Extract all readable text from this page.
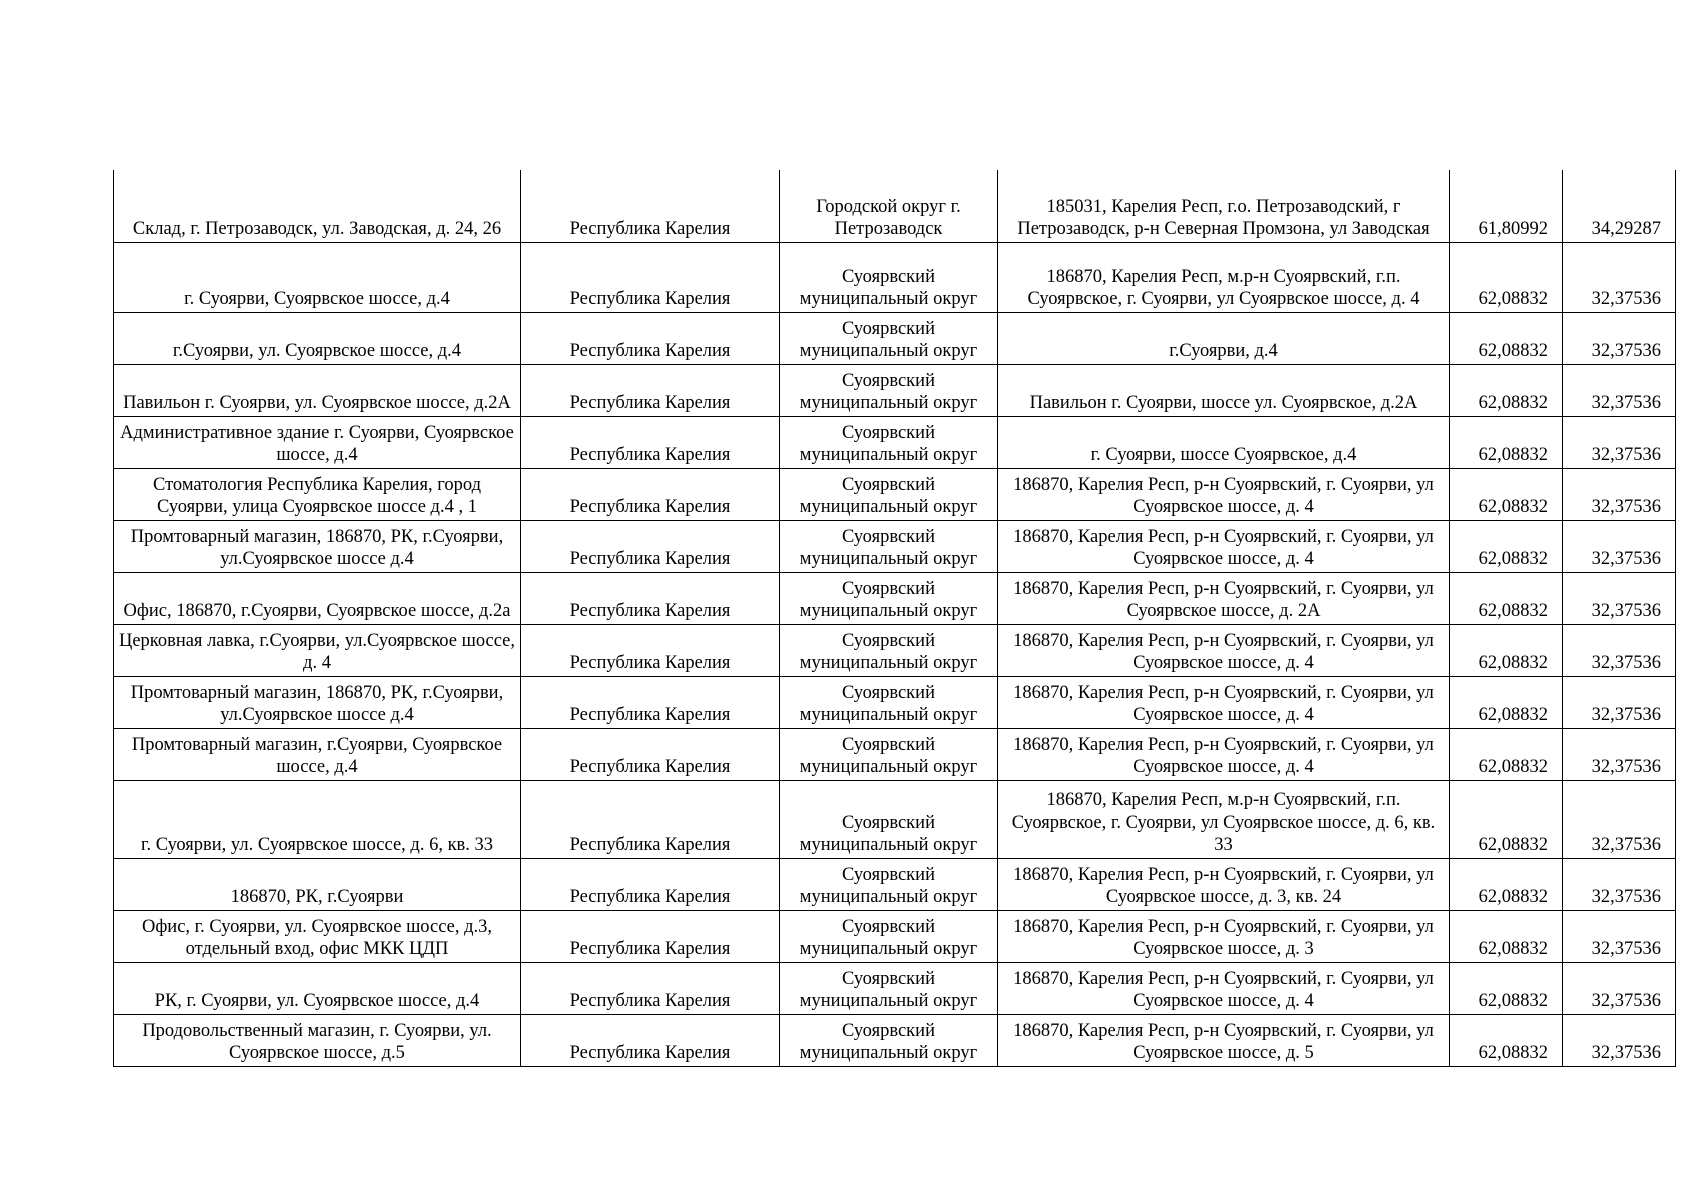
Склад, г. Петрозаводск, ул. Заводская, д. 24, 26	Республика Карелия	Городской округ г. Петрозаводск	185031, Карелия Респ, г.о. Петрозаводский, г Петрозаводск, р-н Северная Промзона, ул Заводская	61,80992	34,29287
г. Суоярви, Суоярвское шоссе, д.4	Республика Карелия	Суоярвский муниципальный округ	186870, Карелия Респ, м.р-н Суоярвский, г.п. Суоярвское, г. Суоярви, ул Суоярвское шоссе, д. 4	62,08832	32,37536
г.Суоярви, ул. Суоярвское шоссе, д.4	Республика Карелия	Суоярвский муниципальный округ	г.Суоярви, д.4	62,08832	32,37536
Павильон г. Суоярви, ул. Суоярвское шоссе, д.2А	Республика Карелия	Суоярвский муниципальный округ	Павильон г. Суоярви, шоссе ул. Суоярвское, д.2А	62,08832	32,37536
Административное здание г. Суоярви, Суоярвское шоссе, д.4	Республика Карелия	Суоярвский муниципальный округ	г. Суоярви, шоссе Суоярвское, д.4	62,08832	32,37536
Стоматология Республика Карелия, город Суоярви, улица Суоярвское шоссе д.4 , 1	Республика Карелия	Суоярвский муниципальный округ	186870, Карелия Респ, р-н Суоярвский, г. Суоярви, ул Суоярвское шоссе, д. 4	62,08832	32,37536
Промтоварный магазин, 186870, РК, г.Суоярви, ул.Суоярвское шоссе д.4	Республика Карелия	Суоярвский муниципальный округ	186870, Карелия Респ, р-н Суоярвский, г. Суоярви, ул Суоярвское шоссе, д. 4	62,08832	32,37536
Офис, 186870, г.Суоярви, Суоярвское шоссе, д.2а	Республика Карелия	Суоярвский муниципальный округ	186870, Карелия Респ, р-н Суоярвский, г. Суоярви, ул Суоярвское шоссе, д. 2А	62,08832	32,37536
Церковная лавка, г.Суоярви, ул.Суоярвское шоссе, д. 4	Республика Карелия	Суоярвский муниципальный округ	186870, Карелия Респ, р-н Суоярвский, г. Суоярви, ул Суоярвское шоссе, д. 4	62,08832	32,37536
Промтоварный магазин, 186870, РК, г.Суоярви, ул.Суоярвское шоссе д.4	Республика Карелия	Суоярвский муниципальный округ	186870, Карелия Респ, р-н Суоярвский, г. Суоярви, ул Суоярвское шоссе, д. 4	62,08832	32,37536
Промтоварный магазин, г.Суоярви, Суоярвское шоссе, д.4	Республика Карелия	Суоярвский муниципальный округ	186870, Карелия Респ, р-н Суоярвский, г. Суоярви, ул Суоярвское шоссе, д. 4	62,08832	32,37536
г. Суоярви, ул. Суоярвское шоссе, д. 6, кв. 33	Республика Карелия	Суоярвский муниципальный округ	186870, Карелия Респ, м.р-н Суоярвский, г.п. Суоярвское, г. Суоярви, ул Суоярвское шоссе, д. 6, кв. 33	62,08832	32,37536
186870, РК, г.Суоярви	Республика Карелия	Суоярвский муниципальный округ	186870, Карелия Респ, р-н Суоярвский, г. Суоярви, ул Суоярвское шоссе, д. 3, кв. 24	62,08832	32,37536
Офис, г. Суоярви, ул. Суоярвское шоссе, д.3, отдельный вход, офис МКК ЦДП	Республика Карелия	Суоярвский муниципальный округ	186870, Карелия Респ, р-н Суоярвский, г. Суоярви, ул Суоярвское шоссе, д. 3	62,08832	32,37536
РК, г. Суоярви, ул. Суоярвское шоссе, д.4	Республика Карелия	Суоярвский муниципальный округ	186870, Карелия Респ, р-н Суоярвский, г. Суоярви, ул Суоярвское шоссе, д. 4	62,08832	32,37536
Продовольственный магазин, г. Суоярви, ул. Суоярвское шоссе, д.5	Республика Карелия	Суоярвский муниципальный округ	186870, Карелия Респ, р-н Суоярвский, г. Суоярви, ул Суоярвское шоссе, д. 5	62,08832	32,37536
